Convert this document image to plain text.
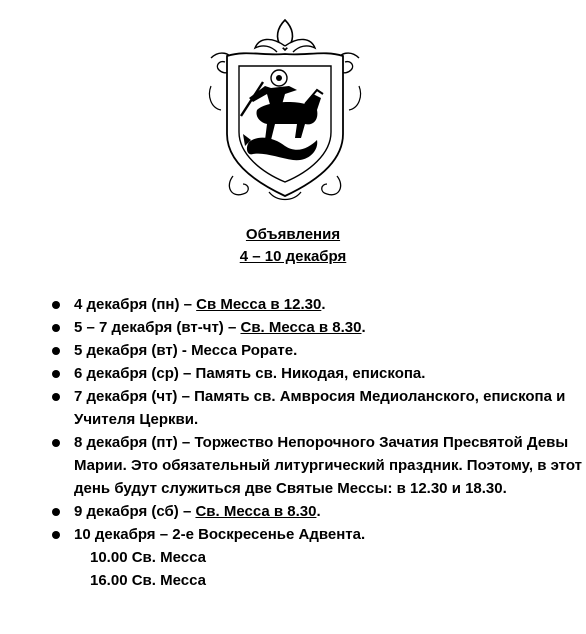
Объявления
4 – 10 декабря
4 декабря (пн) – Св Месса в 12.30.
5 – 7 декабря (вт-чт) – Св. Месса в 8.30.
5 декабря (вт) - Месса Рорате.
6 декабря (ср) – Память св. Никодая, епископа.
7 декабря (чт) – Память св. Амвросия Медиоланского, епископа и Учителя Церкви.
8 декабря (пт) – Торжество Непорочного Зачатия Пресвятой Девы Марии. Это обязательный литургический праздник. Поэтому, в этот день будут служиться две Святые Мессы: в 12.30 и 18.30.
9 декабря (сб) – Св. Месса в 8.30.
10 декабря – 2-е Воскресенье Адвента.
10.00 Св. Месса
16.00 Св. Месса
